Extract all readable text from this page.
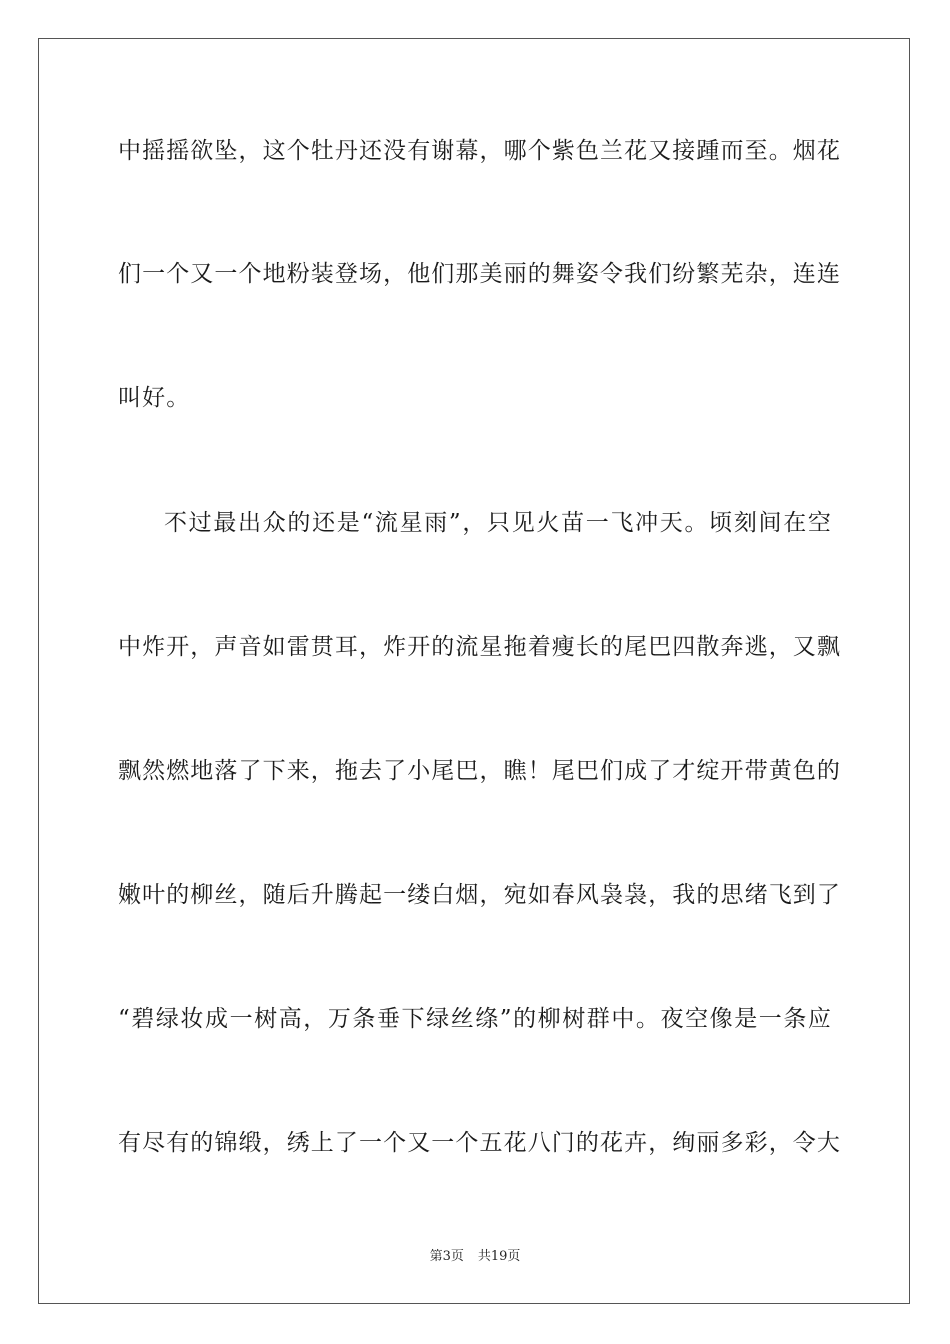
中摇摇欲坠，这个牡丹还没有谢幕，哪个紫色兰花又接踵而至。烟花
们一个又一个地粉装登场，他们那美丽的舞姿令我们纷繁芜杂，连连
叫好。
不过最出众的还是“流星雨”，只见火苗一飞冲天。顷刻间在空
中炸开，声音如雷贯耳，炸开的流星拖着瘦长的尾巴四散奔逃，又飘
飘然燃地落了下来，拖去了小尾巴，瞧！尾巴们成了才绽开带黄色的
嫩叶的柳丝，随后升腾起一缕白烟，宛如春风袅袅，我的思绪飞到了
“碧绿妆成一树高，万条垂下绿丝绦”的柳树群中。夜空像是一条应
有尽有的锦缎，绣上了一个又一个五花八门的花卉，绚丽多彩，令大
第3页 共19页
